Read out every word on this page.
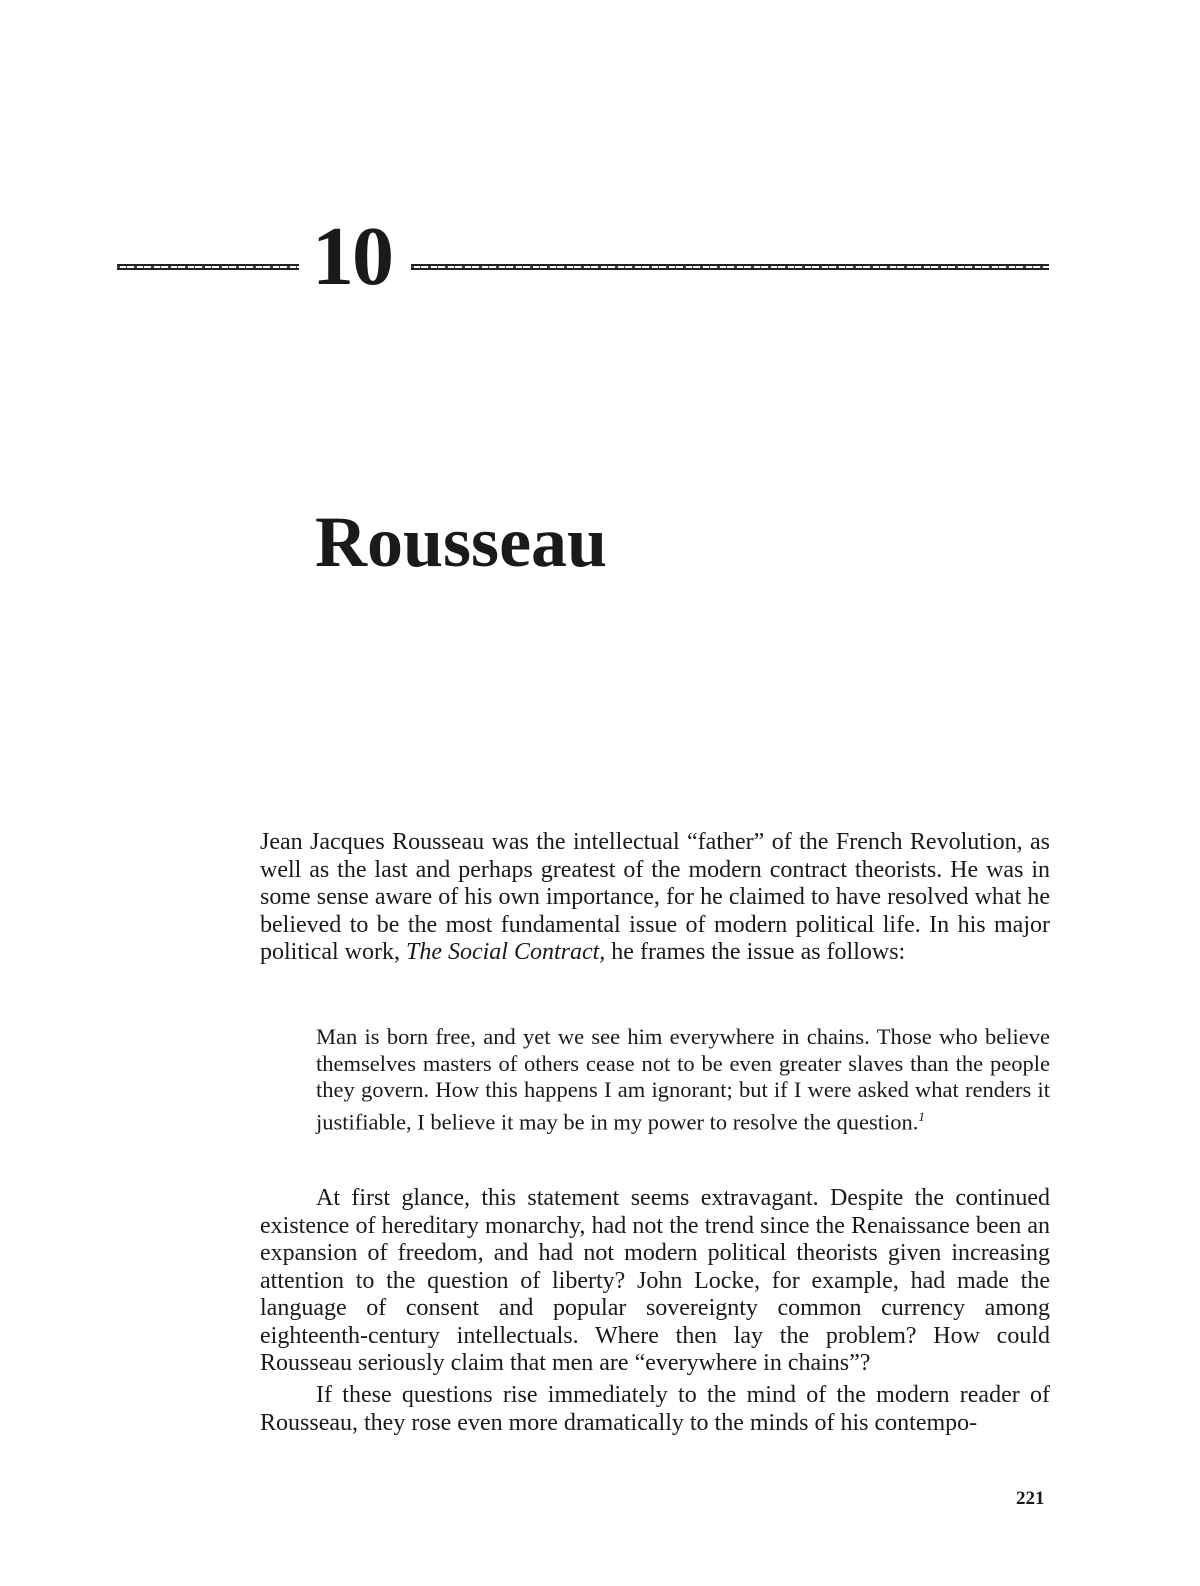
10
Rousseau

Jean Jacques Rousseau was the intellectual “father” of the French Revolution, as well as the last and perhaps greatest of the modern contract theorists. He was in some sense aware of his own importance, for he claimed to have resolved what he believed to be the most fundamental issue of modern political life. In his major political work, The Social Contract, he frames the issue as follows:

Man is born free, and yet we see him everywhere in chains. Those who believe themselves masters of others cease not to be even greater slaves than the people they govern. How this happens I am ignorant; but if I were asked what renders it justifiable, I believe it may be in my power to resolve the question.$^1$

At first glance, this statement seems extravagant. Despite the continued existence of hereditary monarchy, had not the trend since the Renaissance been an expansion of freedom, and had not modern political theorists given increasing attention to the question of liberty? John Locke, for example, had made the language of consent and popular sovereignty common currency among eighteenth-century intellectuals. Where then lay the problem? How could Rousseau seriously claim that men are “everywhere in chains”?

If these questions rise immediately to the mind of the modern reader of Rousseau, they rose even more dramatically to the minds of his contempo-

221
